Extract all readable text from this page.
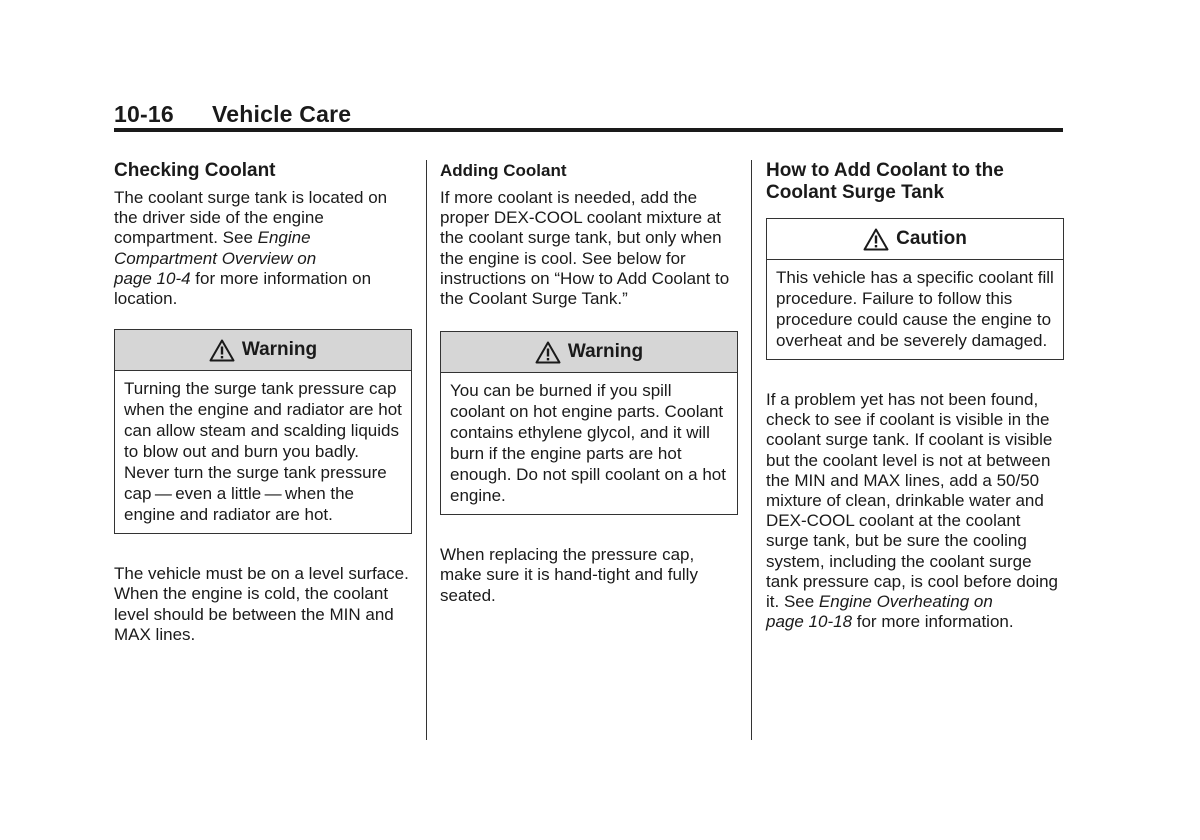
10-16 Vehicle Care
Checking Coolant

The coolant surge tank is located on the driver side of the engine compartment. See Engine Compartment Overview on
page 10-4 for more information on location.

Warning
Turning the surge tank pressure cap when the engine and radiator are hot can allow steam and scalding liquids to blow out and burn you badly. Never turn the surge tank pressure cap — even a little — when the engine and radiator are hot.

The vehicle must be on a level surface. When the engine is cold, the coolant level should be between the MIN and MAX lines.

Adding Coolant

If more coolant is needed, add the proper DEX-COOL coolant mixture at the coolant surge tank, but only when the engine is cool. See below for instructions on “How to Add Coolant to the Coolant Surge Tank.”

Warning
You can be burned if you spill coolant on hot engine parts. Coolant contains ethylene glycol, and it will burn if the engine parts are hot enough. Do not spill coolant on a hot engine.

When replacing the pressure cap, make sure it is hand-tight and fully seated.

How to Add Coolant to the Coolant Surge Tank
Caution
This vehicle has a specific coolant fill procedure. Failure to follow this procedure could cause the engine to overheat and be severely damaged.

If a problem yet has not been found, check to see if coolant is visible in the coolant surge tank. If coolant is visible but the coolant level is not at between the MIN and MAX lines, add a 50/50 mixture of clean, drinkable water and DEX-COOL coolant at the coolant surge tank, but be sure the cooling system, including the coolant surge tank pressure cap, is cool before doing it. See Engine Overheating on
page 10-18 for more information.
